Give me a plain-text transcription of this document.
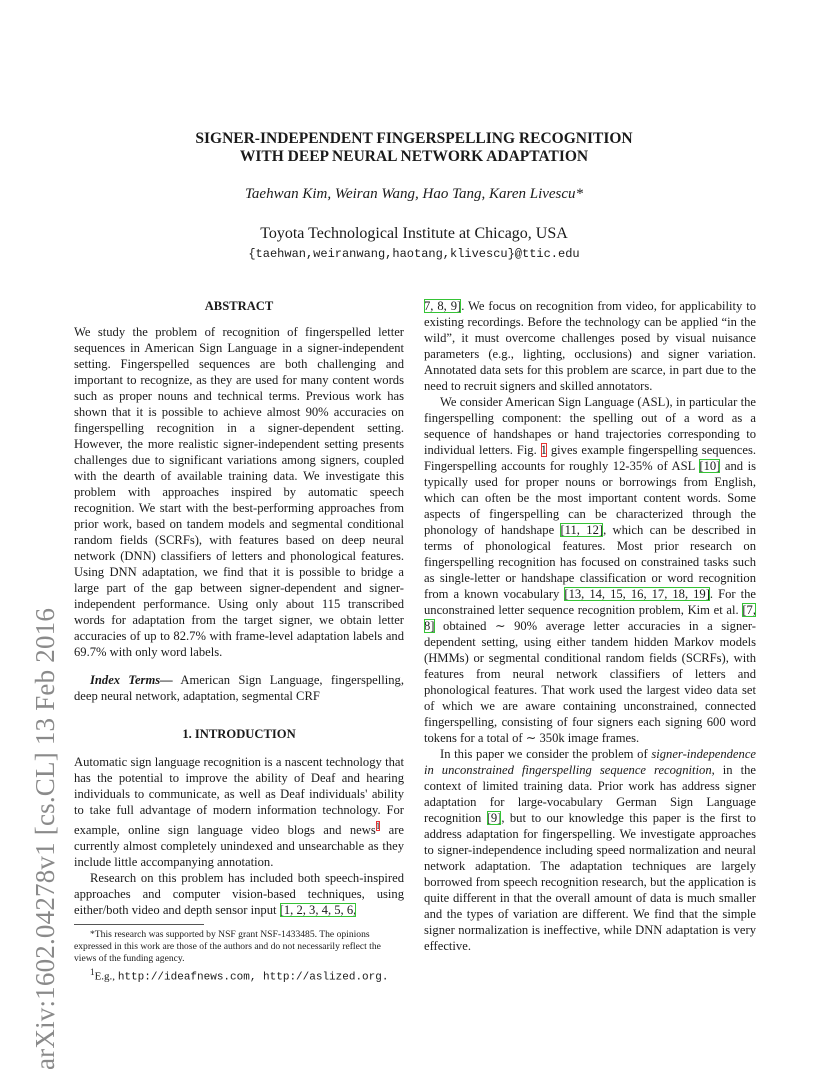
arXiv:1602.04278v1 [cs.CL] 13 Feb 2016
SIGNER-INDEPENDENT FINGERSPELLING RECOGNITION
WITH DEEP NEURAL NETWORK ADAPTATION
Taehwan Kim, Weiran Wang, Hao Tang, Karen Livescu*
Toyota Technological Institute at Chicago, USA
{taehwan,weiranwang,haotang,klivescu}@ttic.edu
ABSTRACT

We study the problem of recognition of fingerspelled letter sequences in American Sign Language in a signer-independent setting. Fingerspelled sequences are both challenging and important to recognize, as they are used for many content words such as proper nouns and technical terms. Previous work has shown that it is possible to achieve almost 90% accuracies on fingerspelling recognition in a signer-dependent setting. However, the more realistic signer-independent setting presents challenges due to significant variations among signers, coupled with the dearth of available training data. We investigate this problem with approaches inspired by automatic speech recognition. We start with the best-performing approaches from prior work, based on tandem models and segmental conditional random fields (SCRFs), with features based on deep neural network (DNN) classifiers of letters and phonological features. Using DNN adaptation, we find that it is possible to bridge a large part of the gap between signer-dependent and signer-independent performance. Using only about 115 transcribed words for adaptation from the target signer, we obtain letter accuracies of up to 82.7% with frame-level adaptation labels and 69.7% with only word labels.

Index Terms— American Sign Language, fingerspelling, deep neural network, adaptation, segmental CRF

1. INTRODUCTION

Automatic sign language recognition is a nascent technology that has the potential to improve the ability of Deaf and hearing individuals to communicate, as well as Deaf individuals' ability to take full advantage of modern information technology. For example, online sign language video blogs and news$^1$ are currently almost completely unindexed and unsearchable as they include little accompanying annotation.

Research on this problem has included both speech-inspired approaches and computer vision-based techniques, using either/both video and depth sensor input [1, 2, 3, 4, 5, 6,

*This research was supported by NSF grant NSF-1433485. The opinions expressed in this work are those of the authors and do not necessarily reflect the views of the funding agency.

$^1$E.g., http://ideafnews.com, http://aslized.org.

7, 8, 9]. We focus on recognition from video, for applicability to existing recordings. Before the technology can be applied “in the wild”, it must overcome challenges posed by visual nuisance parameters (e.g., lighting, occlusions) and signer variation. Annotated data sets for this problem are scarce, in part due to the need to recruit signers and skilled annotators.

We consider American Sign Language (ASL), in particular the fingerspelling component: the spelling out of a word as a sequence of handshapes or hand trajectories corresponding to individual letters. Fig. 1 gives example fingerspelling sequences. Fingerspelling accounts for roughly 12-35% of ASL [10] and is typically used for proper nouns or borrowings from English, which can often be the most important content words. Some aspects of fingerspelling can be characterized through the phonology of handshape [11, 12], which can be described in terms of phonological features. Most prior research on fingerspelling recognition has focused on constrained tasks such as single-letter or handshape classification or word recognition from a known vocabulary [13, 14, 15, 16, 17, 18, 19]. For the unconstrained letter sequence recognition problem, Kim et al. [7, 8] obtained ∼ 90% average letter accuracies in a signer-dependent setting, using either tandem hidden Markov models (HMMs) or segmental conditional random fields (SCRFs), with features from neural network classifiers of letters and phonological features. That work used the largest video data set of which we are aware containing unconstrained, connected fingerspelling, consisting of four signers each signing 600 word tokens for a total of ∼ 350k image frames.

In this paper we consider the problem of signer-independence in unconstrained fingerspelling sequence recognition, in the context of limited training data. Prior work has address signer adaptation for large-vocabulary German Sign Language recognition [9], but to our knowledge this paper is the first to address adaptation for fingerspelling. We investigate approaches to signer-independence including speed normalization and neural network adaptation. The adaptation techniques are largely borrowed from speech recognition research, but the application is quite different in that the overall amount of data is much smaller and the types of variation are different. We find that the simple signer normalization is ineffective, while DNN adaptation is very effective.
